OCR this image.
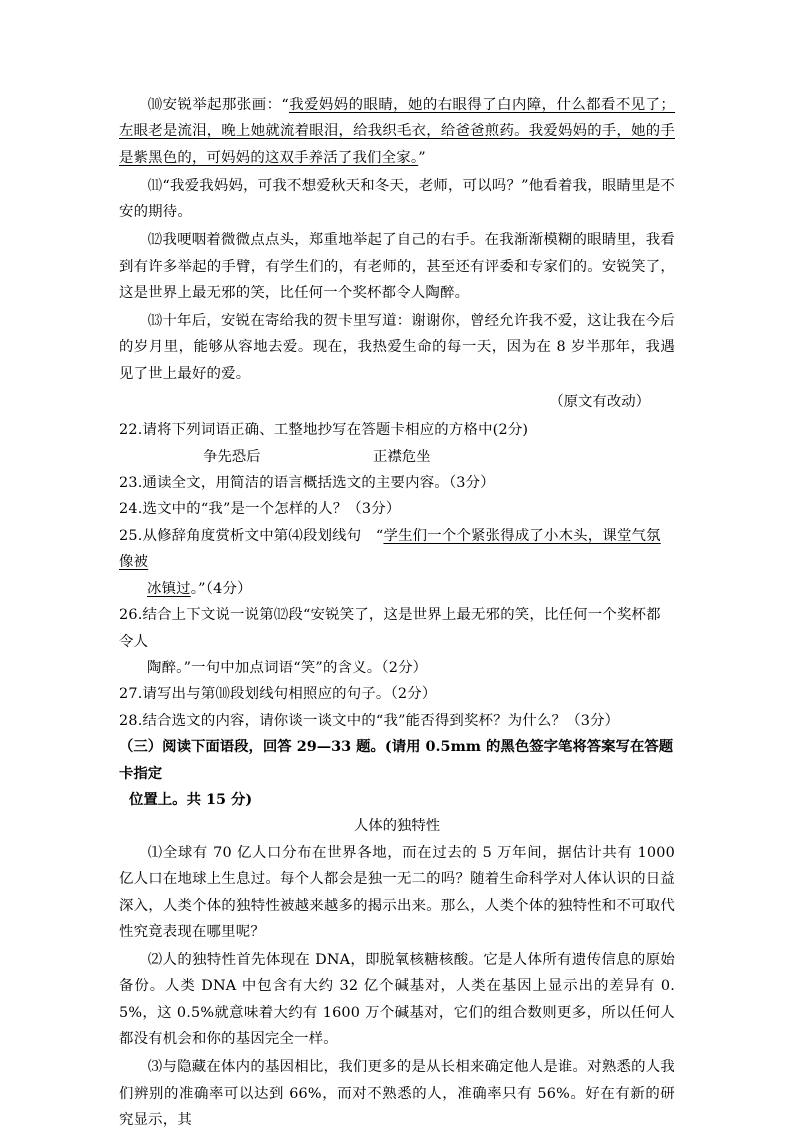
⑽安锐举起那张画：“我爱妈妈的眼睛，她的右眼得了白内障，什么都看不见了；左眼老是流泪，晚上她就流着眼泪，给我织毛衣，给爸爸煎药。我爱妈妈的手，她的手是紫黑色的，可妈妈的这双手养活了我们全家。”

⑾“我爱我妈妈，可我不想爱秋天和冬天，老师，可以吗？”他看着我，眼睛里是不安的期待。

⑿我哽咽着微微点点头，郑重地举起了自己的右手。在我渐渐模糊的眼睛里，我看到有许多举起的手臂，有学生们的，有老师的，甚至还有评委和专家们的。安锐笑了，这是世界上最无邪的笑，比任何一个奖杯都令人陶醉。

⒀十年后，安锐在寄给我的贺卡里写道：谢谢你，曾经允许我不爱，这让我在今后的岁月里，能够从容地去爱。现在，我热爱生命的每一天，因为在 8 岁半那年，我遇见了世上最好的爱。

（原文有改动）

22.请将下列词语正确、工整地抄写在答题卡相应的方格中(2分)

争先恐后	正襟危坐

23.通读全文，用简洁的语言概括选文的主要内容。（3分）

24.选文中的“我”是一个怎样的人？（3分）

25.从修辞角度赏析文中第⑷段划线句　“学生们一个个紧张得成了小木头，课堂气氛像被
冰镇过。”（4分）

26.结合上下文说一说第⑿段“安锐笑了，这是世界上最无邪的笑，比任何一个奖杯都令人
陶醉。”一句中加点词语“笑”的含义。（2分）

27.请写出与第⑽段划线句相照应的句子。（2分）

28.结合选文的内容，请你谈一谈文中的“我”能否得到奖杯？为什么？（3分）

（三）阅读下面语段，回答 29—33 题。(请用 0.5mm 的黑色签字笔将答案写在答题卡指定
位置上。共 15 分)

人体的独特性

⑴全球有 70 亿人口分布在世界各地，而在过去的 5 万年间，据估计共有 1000 亿人口在地球上生息过。每个人都会是独一无二的吗？随着生命科学对人体认识的日益深入，人类个体的独特性被越来越多的揭示出来。那么，人类个体的独特性和不可取代性究竟表现在哪里呢？

⑵人的独特性首先体现在 DNA，即脱氧核糖核酸。它是人体所有遗传信息的原始备份。人类 DNA 中包含有大约 32 亿个碱基对，人类在基因上显示出的差异有 0.5%，这 0.5%就意味着大约有 1600 万个碱基对，它们的组合数则更多，所以任何人都没有机会和你的基因完全一样。

⑶与隐藏在体内的基因相比，我们更多的是从长相来确定他人是谁。对熟悉的人我们辨别的准确率可以达到 66%，而对不熟悉的人，准确率只有 56%。好在有新的研究显示，其
